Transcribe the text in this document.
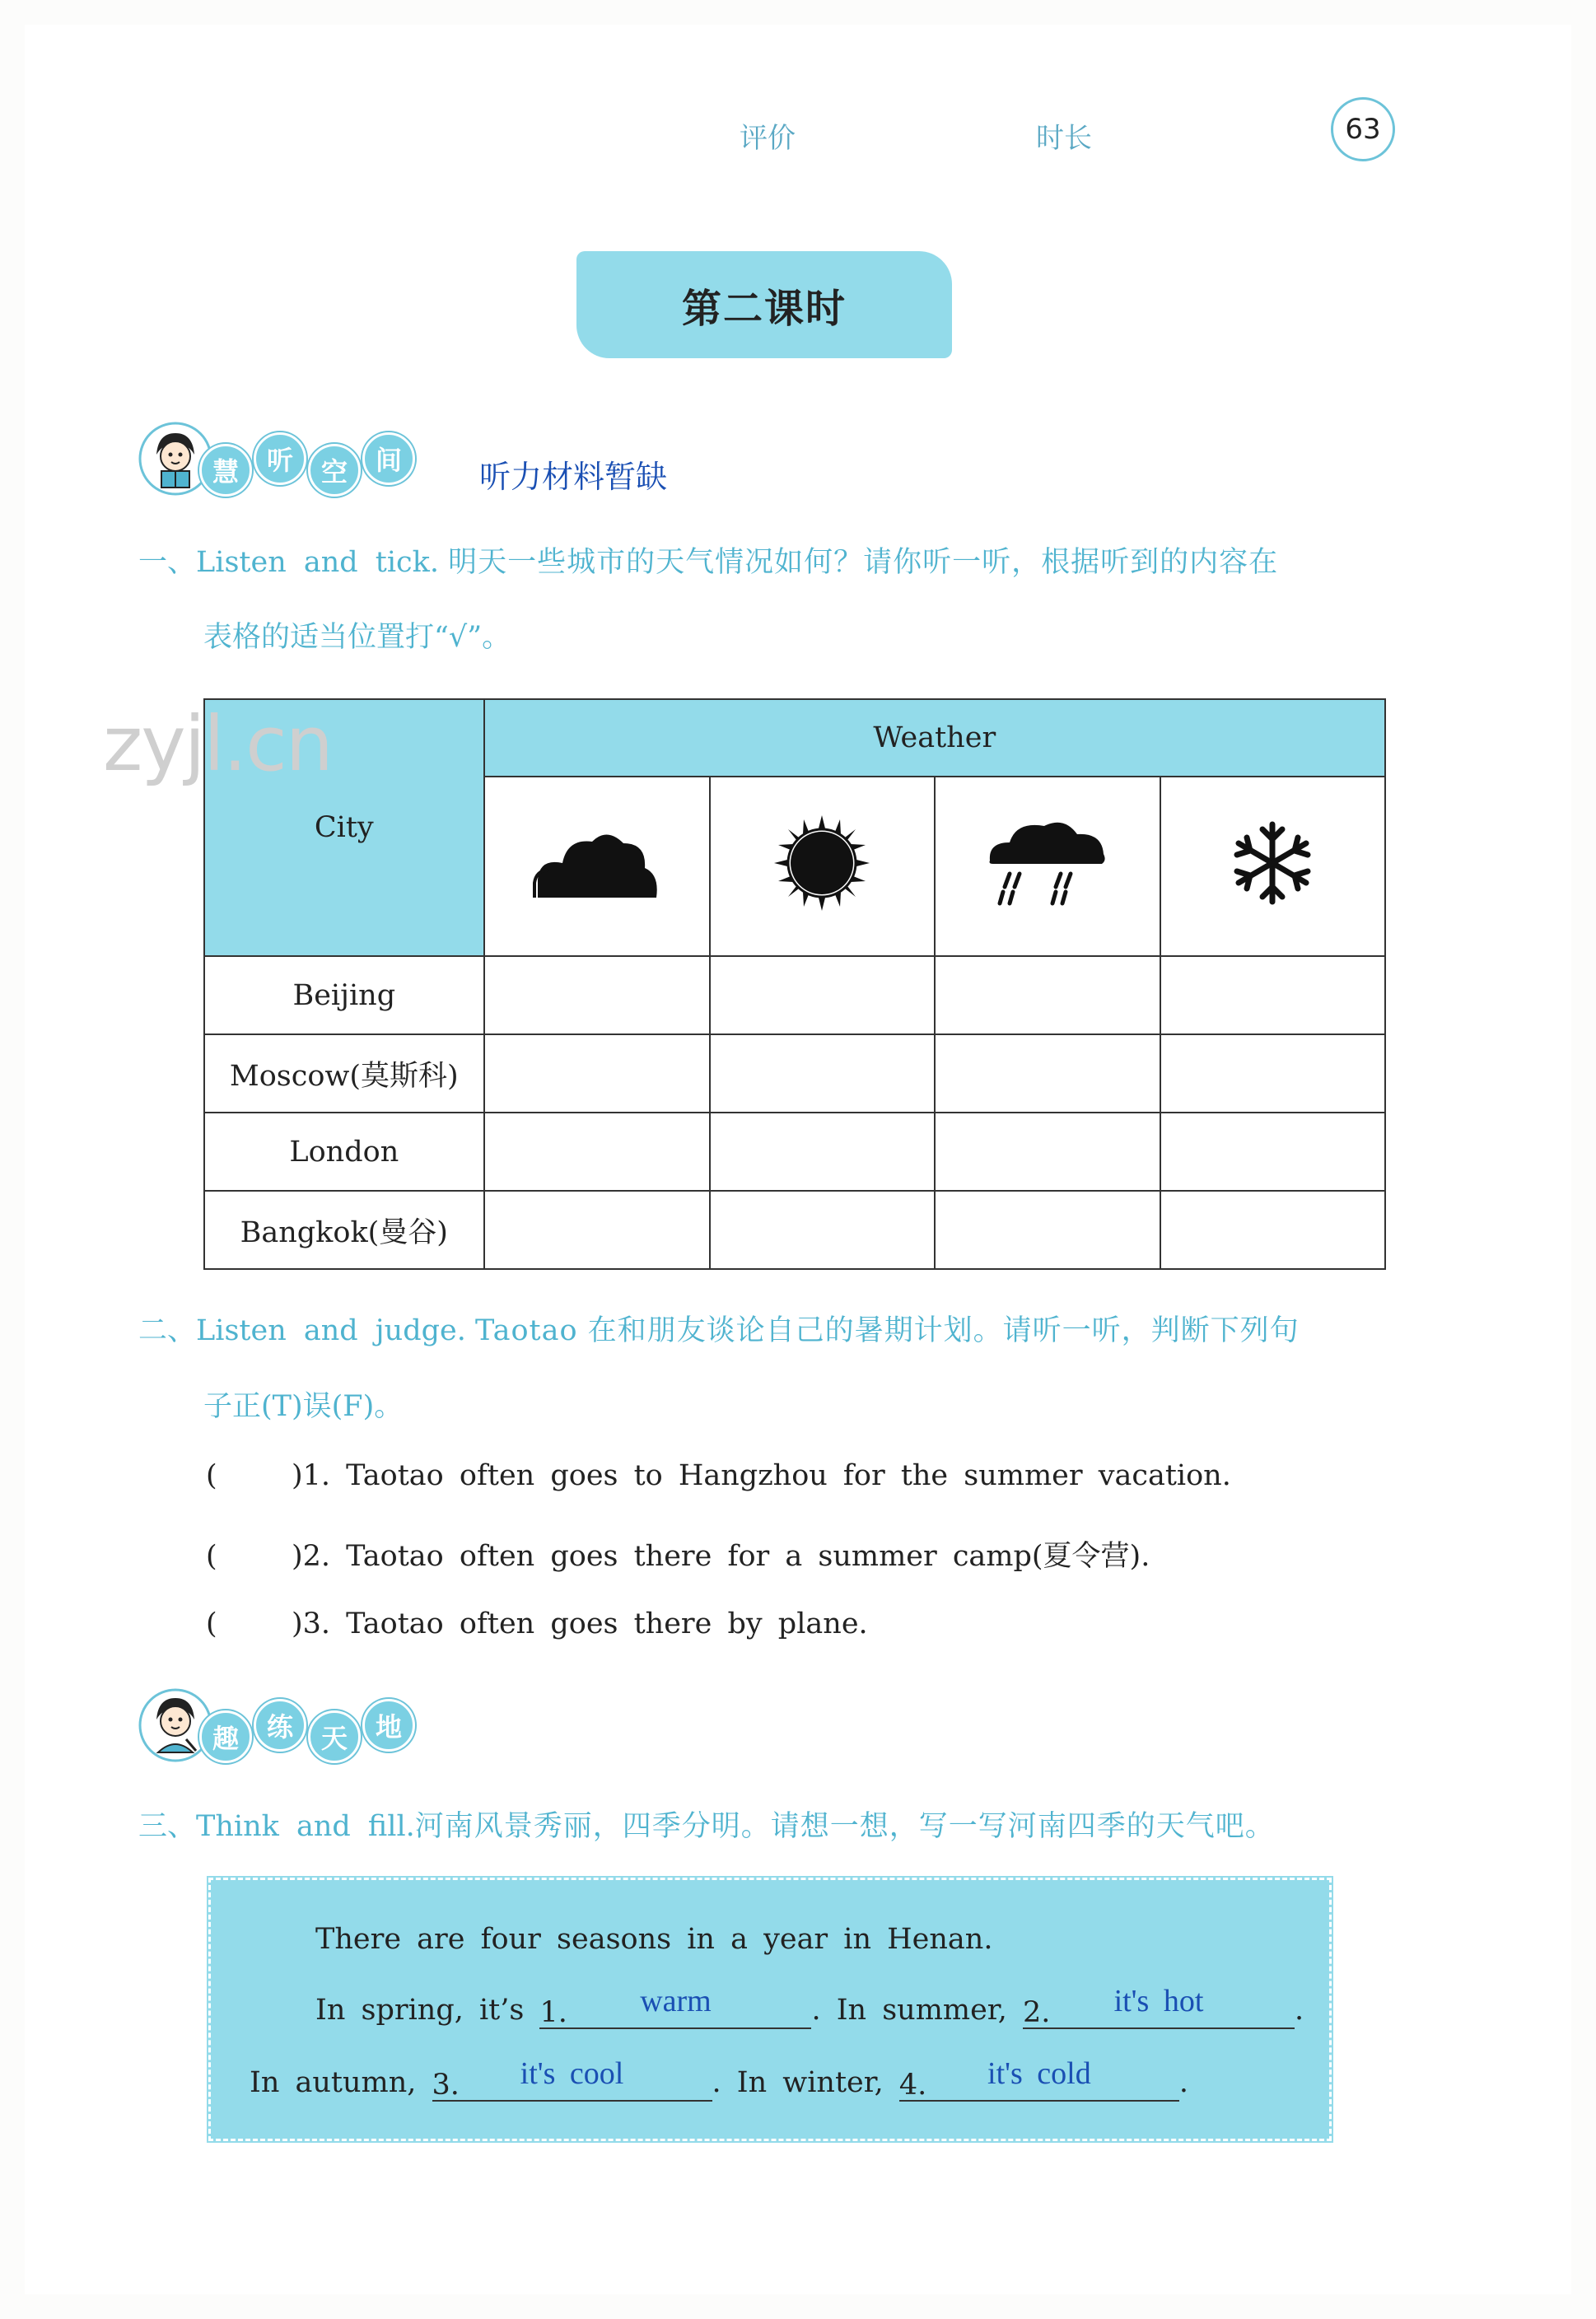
评价	时长	63
第二课时
慧	听	空	间	听力材料暂缺
一、Listen and tick. 明天一些城市的天气情况如何？请你听一听，根据听到的内容在
表格的适当位置打“√”。
City	Weather			

Beijing				
Moscow(莫斯科)				
London				
Bangkok(曼谷)				
zyjl.cn
二、Listen and judge. Taotao 在和朋友谈论自己的暑期计划。请听一听，判断下列句
子正(T)误(F)。
(	)1. Taotao often goes to Hangzhou for the summer vacation.
(	)2. Taotao often goes there for a summer camp(夏令营).
(	)3. Taotao often goes there by plane.
趣	练	天	地
三、Think and fill.河南风景秀丽，四季分明。请想一想，写一写河南四季的天气吧。
There are four seasons in a year in Henan.
In spring, it’s 1. warm	. In summer, 2. it's hot	.
In autumn, 3. it's cool	. In winter, 4. it's cold	.
